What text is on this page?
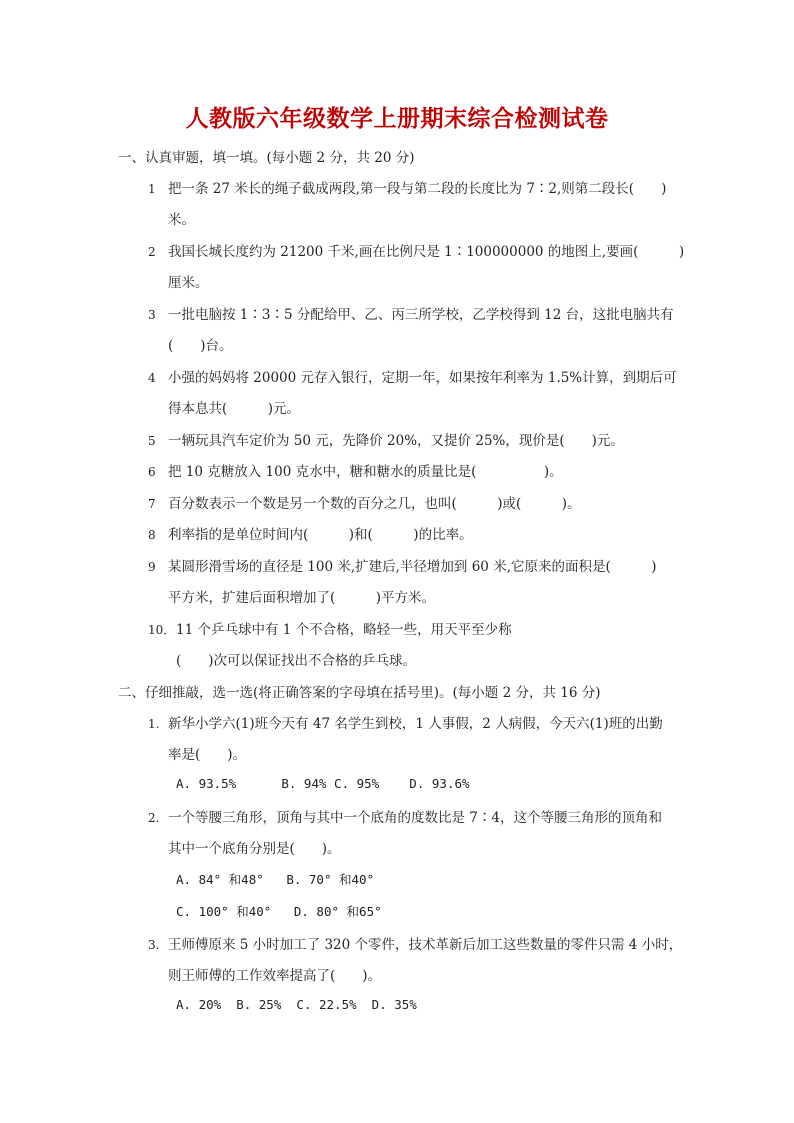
人教版六年级数学上册期末综合检测试卷
一、认真审题，填一填。(每小题 2 分，共 20 分)
1 把一条 27 米长的绳子截成两段,第一段与第二段的长度比为 7∶2,则第二段长(　　)
米。
2 我国长城长度约为 21200 千米,画在比例尺是 1∶100000000 的地图上,要画(　　　)
厘米。
3 一批电脑按 1∶3∶5 分配给甲、乙、丙三所学校，乙学校得到 12 台，这批电脑共有
(　　)台。
4 小强的妈妈将 20000 元存入银行，定期一年，如果按年利率为 1.5%计算，到期后可
得本息共(　　　)元。
5 一辆玩具汽车定价为 50 元，先降价 20%，又提价 25%，现价是(　　)元。
6 把 10 克糖放入 100 克水中，糖和糖水的质量比是(　　　　　)。
7 百分数表示一个数是另一个数的百分之几，也叫(　　　)或(　　　)。
8 利率指的是单位时间内(　　　)和(　　　)的比率。
9 某圆形滑雪场的直径是 100 米,扩建后,半径增加到 60 米,它原来的面积是(　　　)
平方米，扩建后面积增加了(　　　)平方米。
10．11 个乒乓球中有 1 个不合格，略轻一些，用天平至少称
(　　)次可以保证找出不合格的乒乓球。
二、仔细推敲，选一选(将正确答案的字母填在括号里)。(每小题 2 分，共 16 分)
1. 新华小学六(1)班今天有 47 名学生到校，1 人事假，2 人病假，今天六(1)班的出勤
率是(　　)。
A. 93.5%      B. 94% C. 95%    D. 93.6%
2. 一个等腰三角形，顶角与其中一个底角的度数比是 7∶4，这个等腰三角形的顶角和
其中一个底角分别是(　　)。
A. 84° 和48°   B. 70° 和40°
C. 100° 和40°   D. 80° 和65°
3. 王师傅原来 5 小时加工了 320 个零件，技术革新后加工这些数量的零件只需 4 小时，
则王师傅的工作效率提高了(　　)。
A. 20%  B. 25%  C. 22.5%  D. 35%
